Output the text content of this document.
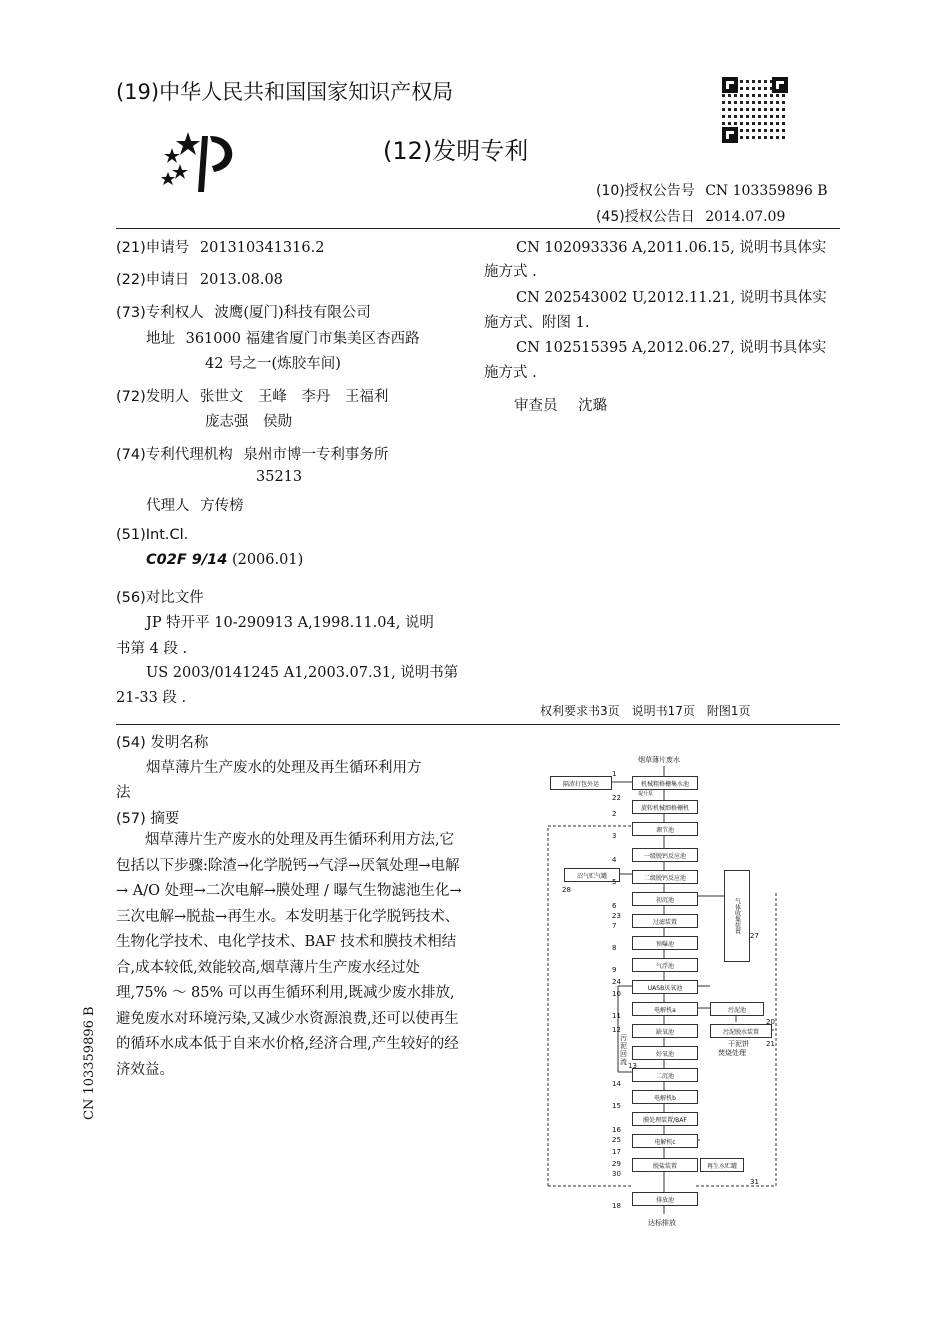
(19)中华人民共和国国家知识产权局
(12)发明专利
(10)授权公告号 CN 103359896 B
(45)授权公告日 2014.07.09
(21)申请号 201310341316.2
(22)申请日 2013.08.08
(73)专利权人 波鹰(厦门)科技有限公司
地址 361000 福建省厦门市集美区杏西路
42 号之一(炼胶车间)
(72)发明人 张世文　王峰　李丹　王福利
庞志强　侯勋
(74)专利代理机构 泉州市博一专利事务所
35213
代理人 方传榜
(51)Int.Cl.
C02F 9/14 (2006.01)
(56)对比文件
JP 特开平 10-290913 A,1998.11.04, 说明
书第 4 段 .
US 2003/0141245 A1,2003.07.31, 说明书第
21-33 段 .
CN 102093336 A,2011.06.15, 说明书具体实
施方式 .
CN 202543002 U,2012.11.21, 说明书具体实
施方式、附图 1.
CN 102515395 A,2012.06.27, 说明书具体实
施方式 .
审查员 沈璐
权利要求书3页　说明书17页　附图1页
(54) 发明名称
烟草薄片生产废水的处理及再生循环利用方
法
(57) 摘要
　　烟草薄片生产废水的处理及再生循环利用方法,它包括以下步骤:除渣→化学脱钙→气浮→厌氧处理→电解→ A/O 处理→二次电解→膜处理 / 曝气生物滤池生化→三次电解→脱盐→再生水。本发明基于化学脱钙技术、生物化学技术、电化学技术、BAF 技术和膜技术相结合,成本较低,效能较高,烟草薄片生产废水经过处理,75% ～ 85% 可以再生循环利用,既减少废水排放,避免废水对环境污染,又减少水资源浪费,还可以使再生的循环水成本低于自来水价格,经济合理,产生较好的经济效益。
CN 103359896 B
烟草薄片废水
达标排放
机械粗格栅集水池
旋转机械细格栅机
调节池
一级脱钙反应池
二级脱钙反应池
初沉池
过滤装置
预曝池
气浮池
UASB厌氧池
电解机a
缺氧池
好氧池
二沉池
电解机b
膜处理装置/BAF
电解机c
脱盐装置
排放池
隔渣打包外运
沼气贮气罐
气体收集装置
污泥池
污泥脱水装置
干泥饼
焚烧处理
再生水贮罐
污泥回流
提升泵
1
22
2
3
4
5
6
23
7
8
9
24
10
11
12
13
14
15
16
25
17
29
30
18
28
27
20
21
31
